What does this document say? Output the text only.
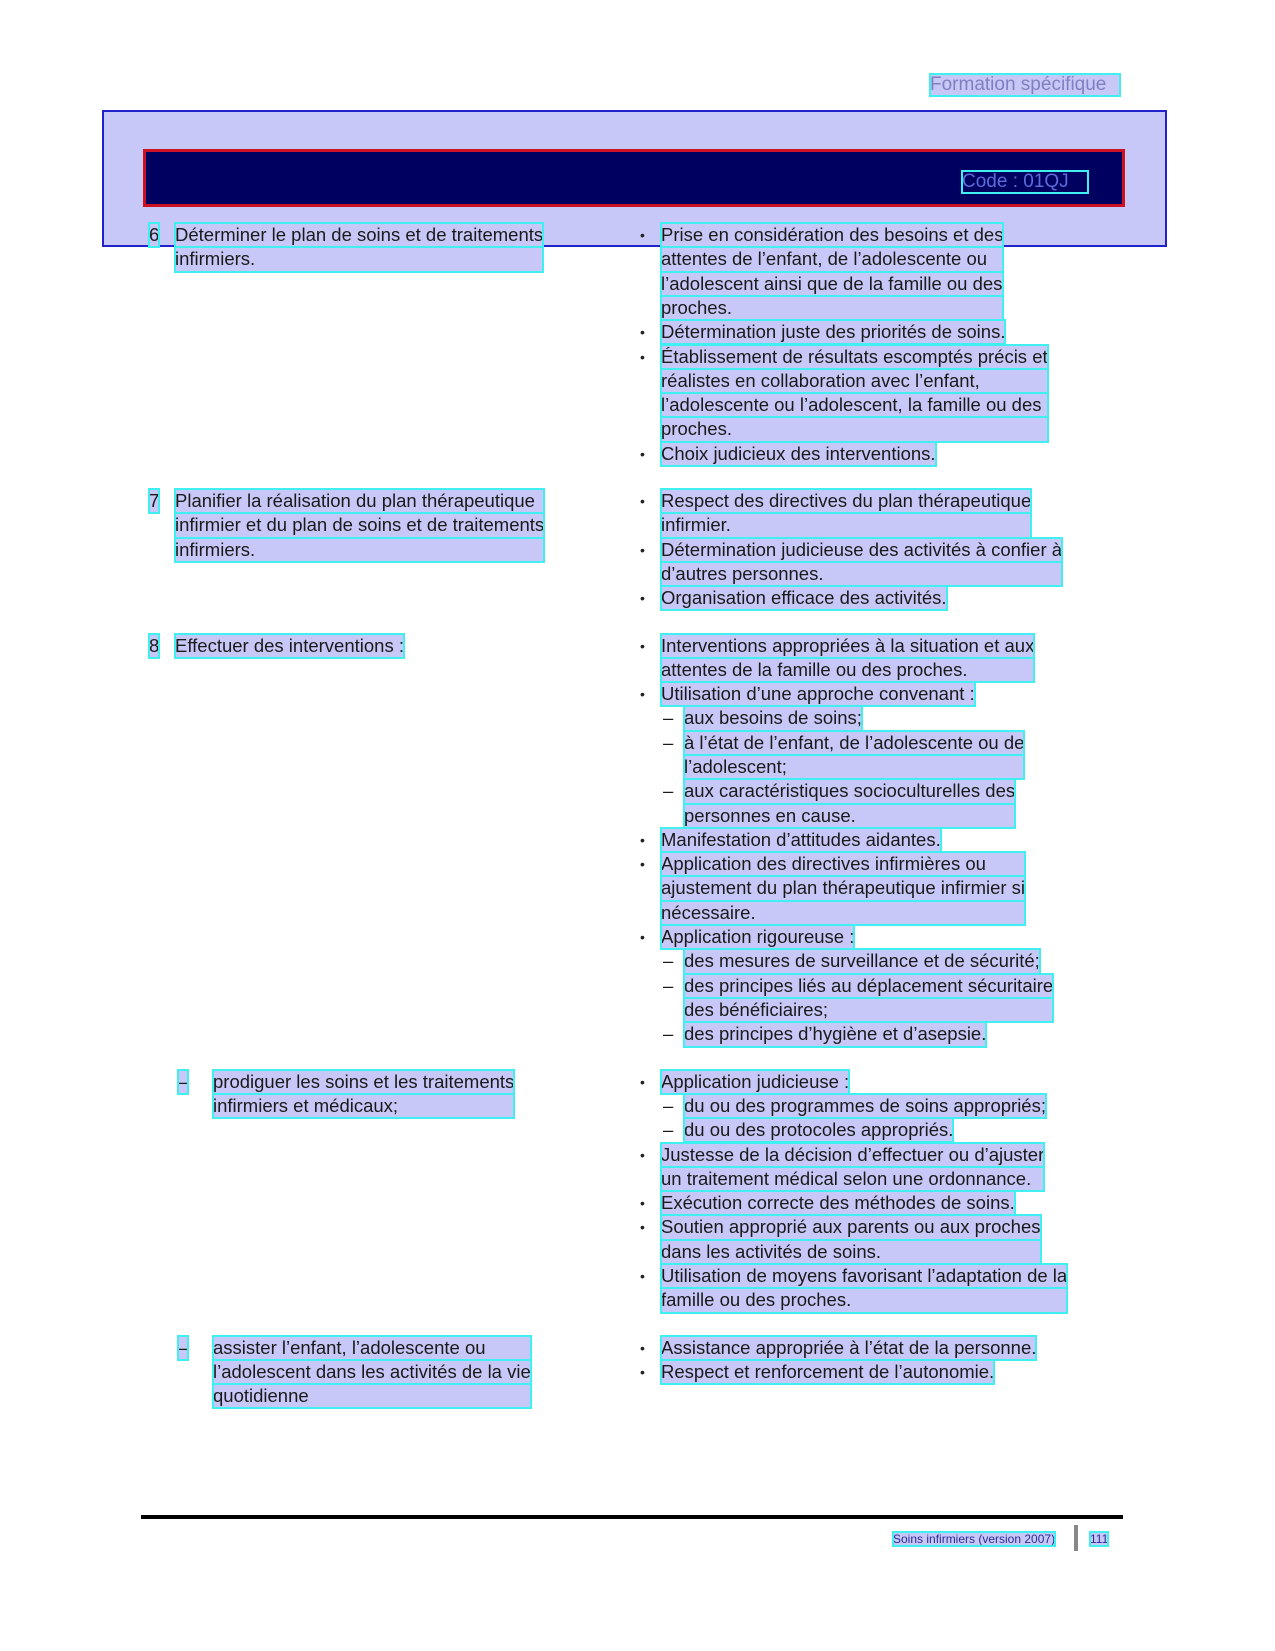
Formation spécifique
Code : 01QJ
6 Déterminer le plan de soins et de traitements
infirmiers.
• Prise en considération des besoins et des
attentes de l’enfant, de l’adolescente ou
l’adolescent ainsi que de la famille ou des
proches.
• Détermination juste des priorités de soins.
• Établissement de résultats escomptés précis et
réalistes en collaboration avec l’enfant,
l’adolescente ou l’adolescent, la famille ou des
proches.
• Choix judicieux des interventions.
7 Planifier la réalisation du plan thérapeutique
infirmier et du plan de soins et de traitements
infirmiers.
• Respect des directives du plan thérapeutique
infirmier.
• Détermination judicieuse des activités à confier à
d’autres personnes.
• Organisation efficace des activités.
8 Effectuer des interventions :	• Interventions appropriées à la situation et aux
attentes de la famille ou des proches.
• Utilisation d’une approche convenant :
– aux besoins de soins;
– à l’état de l’enfant, de l’adolescente ou de
l’adolescent;
– aux caractéristiques socioculturelles des
personnes en cause.
• Manifestation d’attitudes aidantes.
• Application des directives infirmières ou
ajustement du plan thérapeutique infirmier si
nécessaire.
• Application rigoureuse :
– des mesures de surveillance et de sécurité;
– des principes liés au déplacement sécuritaire
des bénéficiaires;
– des principes d’hygiène et d’asepsie.
– prodiguer les soins et les traitements
infirmiers et médicaux;
• Application judicieuse :
– du ou des programmes de soins appropriés;
– du ou des protocoles appropriés.
• Justesse de la décision d’effectuer ou d’ajuster
un traitement médical selon une ordonnance.
• Exécution correcte des méthodes de soins.
• Soutien approprié aux parents ou aux proches
dans les activités de soins.
• Utilisation de moyens favorisant l’adaptation de la
famille ou des proches.
– assister l’enfant, l’adolescente ou
l’adolescent dans les activités de la vie
quotidienne
• Assistance appropriée à l’état de la personne.
• Respect et renforcement de l’autonomie.
Soins infirmiers (version 2007)	111
